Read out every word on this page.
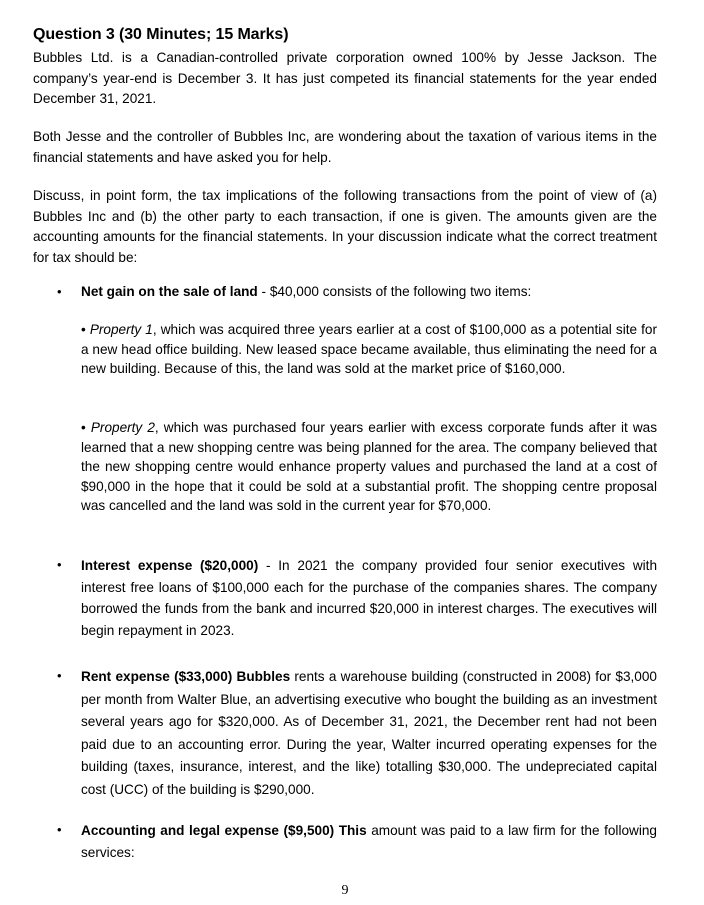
Question 3 (30 Minutes; 15 Marks)
Bubbles Ltd. is a Canadian-controlled private corporation owned 100% by Jesse Jackson. The company’s year-end is December 3. It has just competed its financial statements for the year ended December 31, 2021.
Both Jesse and the controller of Bubbles Inc, are wondering about the taxation of various items in the financial statements and have asked you for help.
Discuss, in point form, the tax implications of the following transactions from the point of view of (a) Bubbles Inc and (b) the other party to each transaction, if one is given. The amounts given are the accounting amounts for the financial statements. In your discussion indicate what the correct treatment for tax should be:
• Net gain on the sale of land - $40,000 consists of the following two items:
• Property 1, which was acquired three years earlier at a cost of $100,000 as a potential site for a new head office building. New leased space became available, thus eliminating the need for a new building. Because of this, the land was sold at the market price of $160,000.
• Property 2, which was purchased four years earlier with excess corporate funds after it was learned that a new shopping centre was being planned for the area. The company believed that the new shopping centre would enhance property values and purchased the land at a cost of $90,000 in the hope that it could be sold at a substantial profit. The shopping centre proposal was cancelled and the land was sold in the current year for $70,000.
• Interest expense ($20,000) - In 2021 the company provided four senior executives with interest free loans of $100,000 each for the purchase of the companies shares. The company borrowed the funds from the bank and incurred $20,000 in interest charges. The executives will begin repayment in 2023.
• Rent expense ($33,000) Bubbles rents a warehouse building (constructed in 2008) for $3,000 per month from Walter Blue, an advertising executive who bought the building as an investment several years ago for $320,000. As of December 31, 2021, the December rent had not been paid due to an accounting error. During the year, Walter incurred operating expenses for the building (taxes, insurance, interest, and the like) totalling $30,000. The undepreciated capital cost (UCC) of the building is $290,000.
• Accounting and legal expense ($9,500) This amount was paid to a law firm for the following services:
9
